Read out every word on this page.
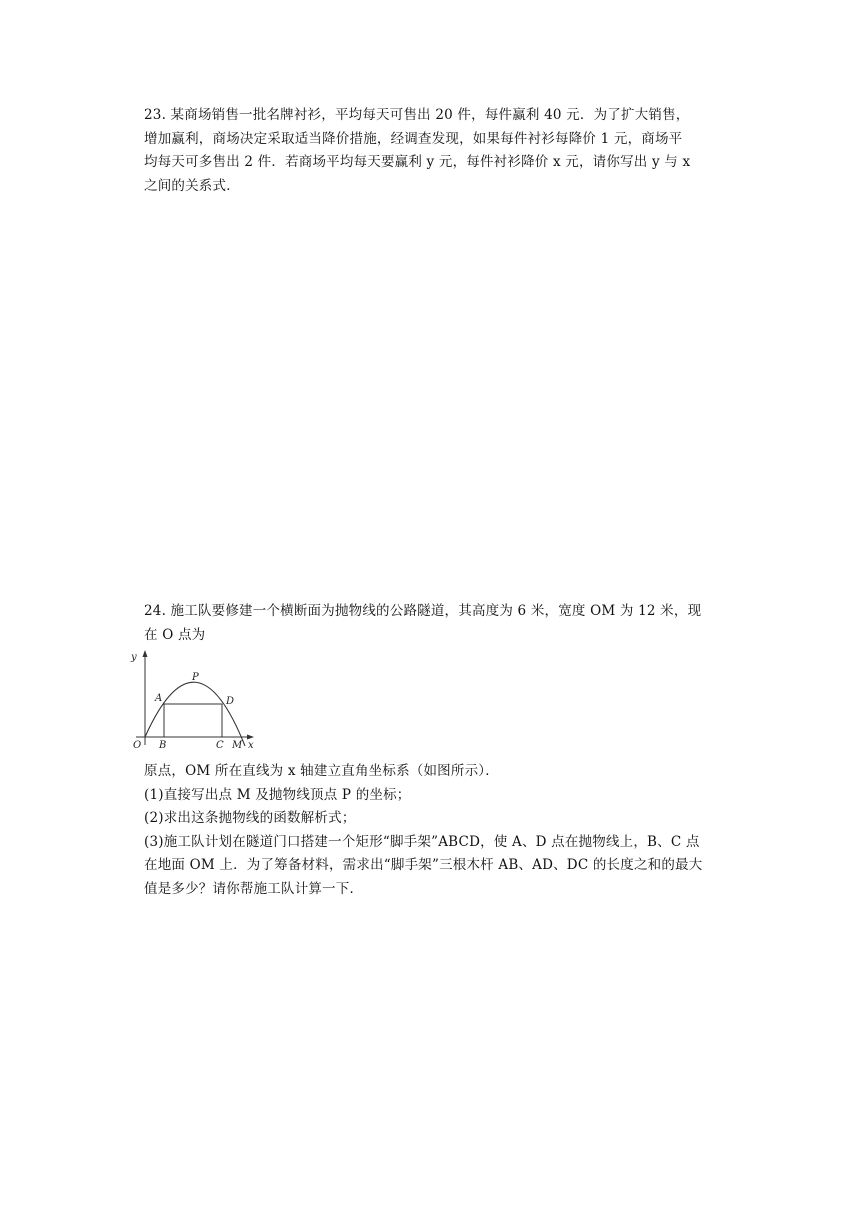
23. 某商场销售一批名牌衬衫，平均每天可售出 20 件，每件赢利 40 元．为了扩大销售，
增加赢利，商场决定采取适当降价措施，经调查发现，如果每件衬衫每降价 1 元，商场平
均每天可多售出 2 件．若商场平均每天要赢利 y 元，每件衬衫降价 x 元，请你写出 y 与 x
之间的关系式．
24. 施工队要修建一个横断面为抛物线的公路隧道，其高度为 6 米，宽度 OM 为 12 米，现
在 O 点为
y
x
O
P
A	D
B	C M
原点，OM 所在直线为 x 轴建立直角坐标系（如图所示）．
(1)直接写出点 M 及抛物线顶点 P 的坐标；
(2)求出这条抛物线的函数解析式；
(3)施工队计划在隧道门口搭建一个矩形“脚手架”ABCD，使 A、D 点在抛物线上，B、C 点
在地面 OM 上．为了筹备材料，需求出“脚手架”三根木杆 AB、AD、DC 的长度之和的最大
值是多少？请你帮施工队计算一下．
